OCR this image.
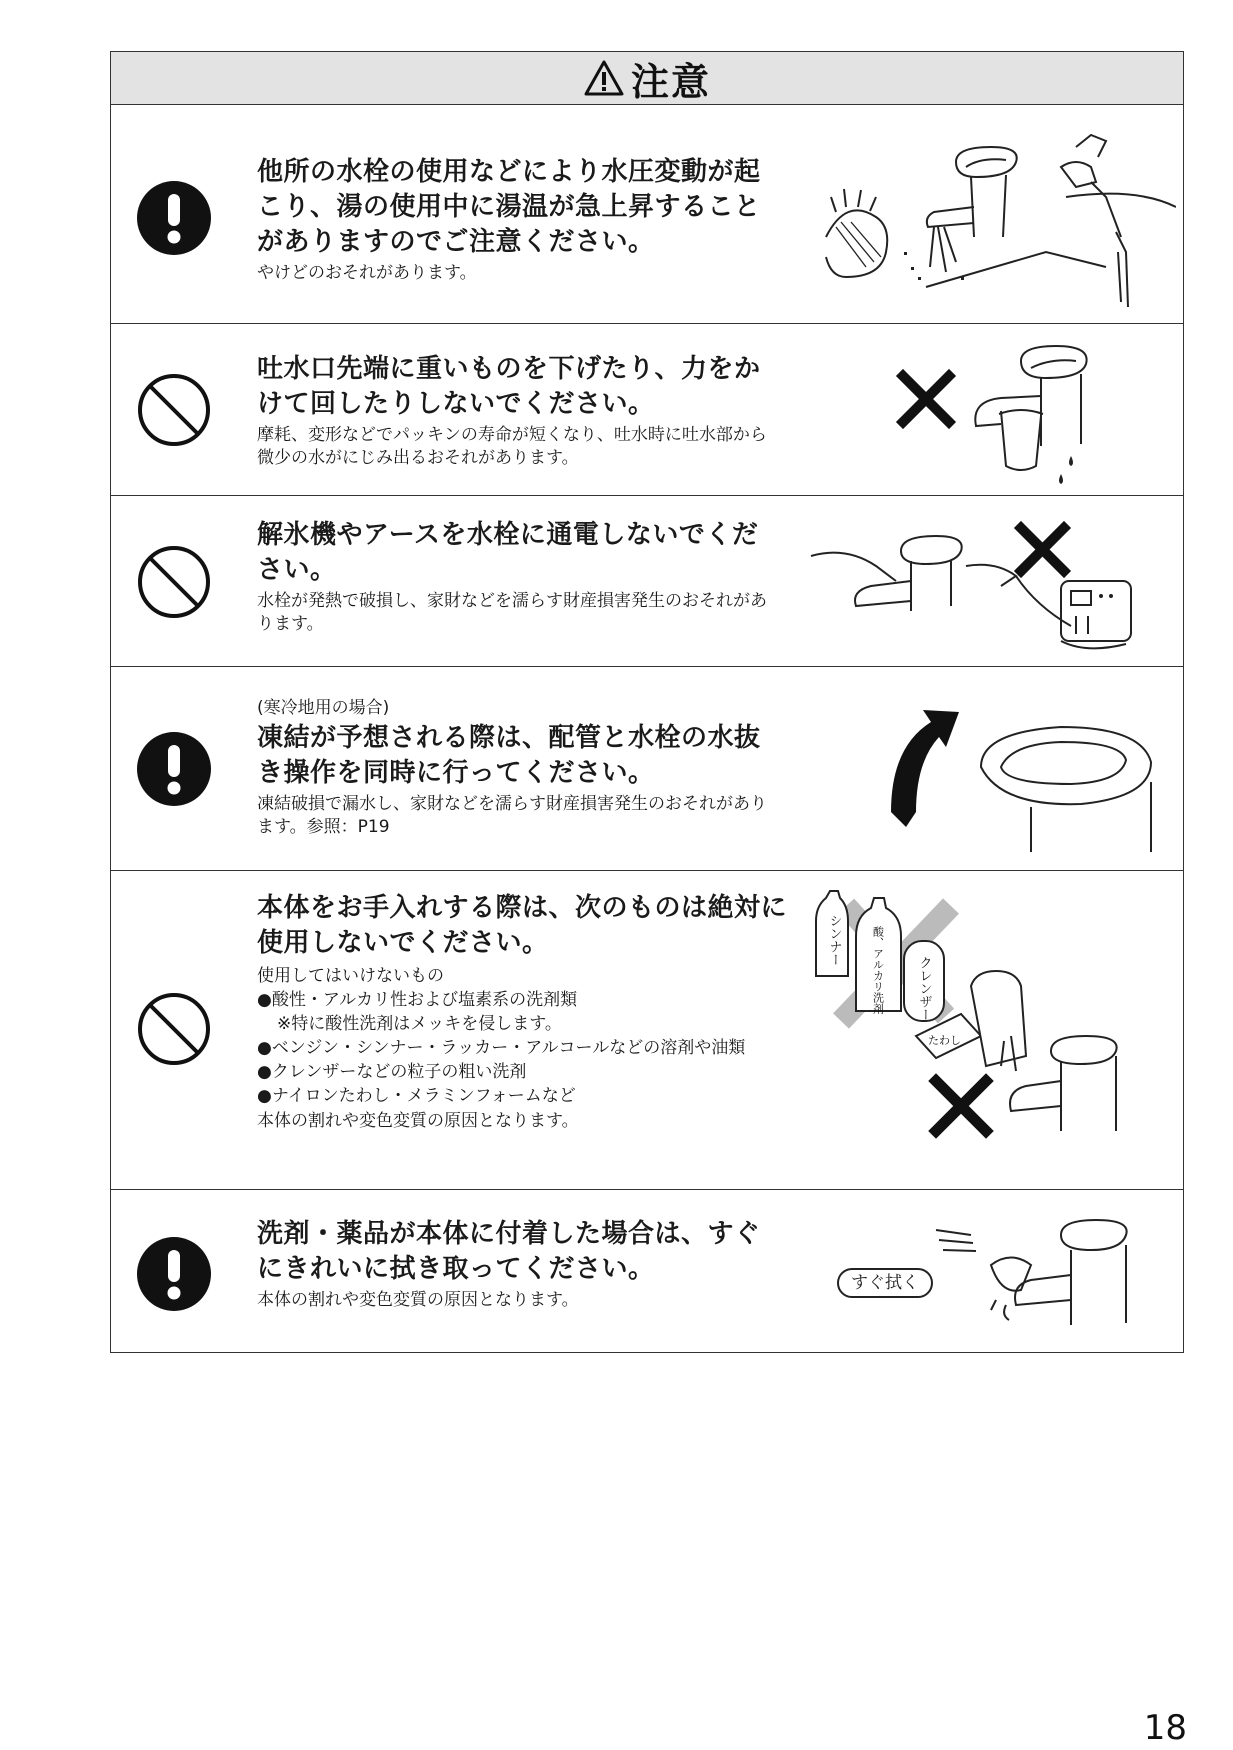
注意

他所の水栓の使用などにより水圧変動が起こり、湯の使用中に湯温が急上昇することがありますのでご注意ください。

やけどのおそれがあります。

吐水口先端に重いものを下げたり、力をかけて回したりしないでください。

摩耗、変形などでパッキンの寿命が短くなり、吐水時に吐水部から微少の水がにじみ出るおそれがあります。

解氷機やアースを水栓に通電しないでください。

水栓が発熱で破損し、家財などを濡らす財産損害発生のおそれがあります。

(寒冷地用の場合)

凍結が予想される際は、配管と水栓の水抜き操作を同時に行ってください。

凍結破損で漏水し、家財などを濡らす財産損害発生のおそれがあります。参照：P19

本体をお手入れする際は、次のものは絶対に使用しないでください。

使用してはいけないもの

●酸性・アルカリ性および塩素系の洗剤類
※特に酸性洗剤はメッキを侵します。
●ベンジン・シンナー・ラッカー・アルコールなどの溶剤や油類
●クレンザーなどの粒子の粗い洗剤
●ナイロンたわし・メラミンフォームなど

本体の割れや変色変質の原因となります。

シンナー	酸、アルカリ洗剤 クレンザー
たわし

洗剤・薬品が本体に付着した場合は、すぐにきれいに拭き取ってください。

本体の割れや変色変質の原因となります。

すぐ拭く
18
